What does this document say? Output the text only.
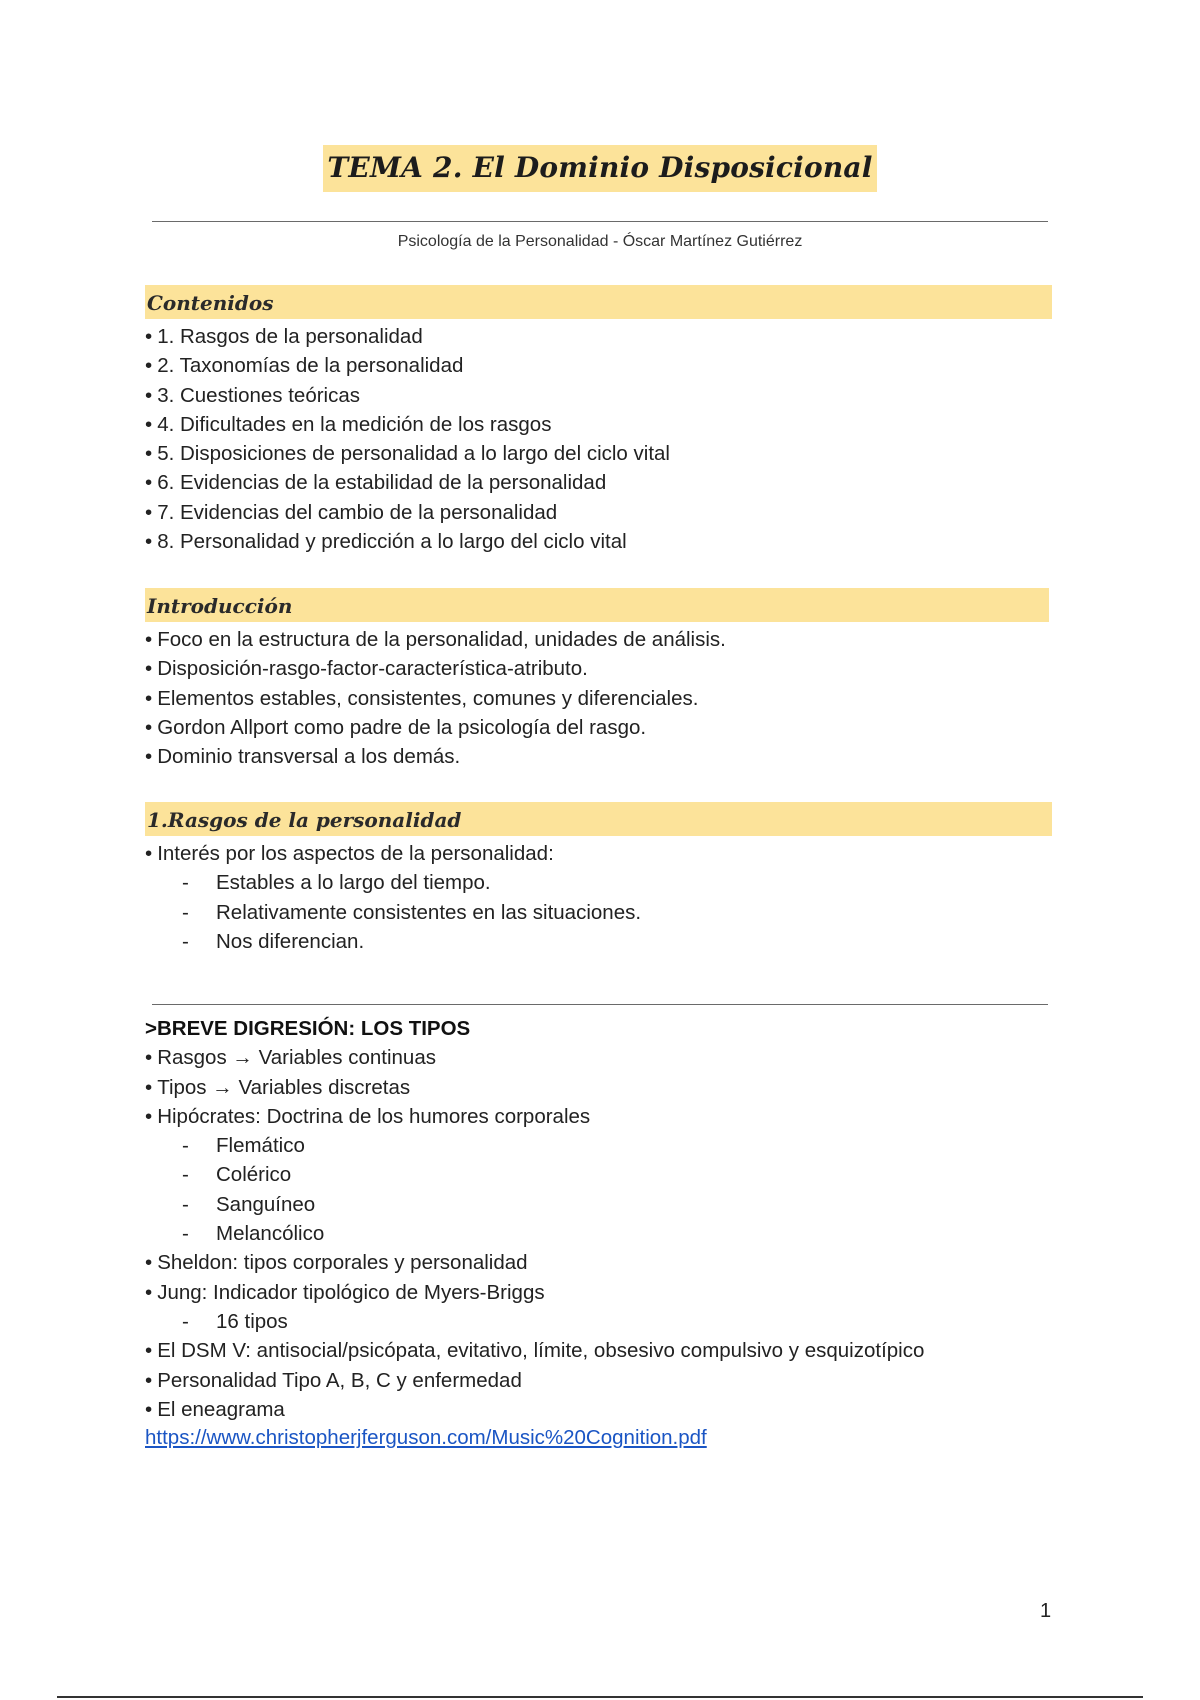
TEMA 2. El Dominio Disposicional
Psicología de la Personalidad - Óscar Martínez Gutiérrez
Contenidos
• 1. Rasgos de la personalidad
• 2. Taxonomías de la personalidad
• 3. Cuestiones teóricas
• 4. Dificultades en la medición de los rasgos
• 5. Disposiciones de personalidad a lo largo del ciclo vital
• 6. Evidencias de la estabilidad de la personalidad
• 7. Evidencias del cambio de la personalidad
• 8. Personalidad y predicción a lo largo del ciclo vital
Introducción
• Foco en la estructura de la personalidad, unidades de análisis.
• Disposición-rasgo-factor-característica-atributo.
• Elementos estables, consistentes, comunes y diferenciales.
• Gordon Allport como padre de la psicología del rasgo.
• Dominio transversal a los demás.
1.Rasgos de la personalidad
• Interés por los aspectos de la personalidad:
- Estables a lo largo del tiempo.
- Relativamente consistentes en las situaciones.
- Nos diferencian.
>BREVE DIGRESIÓN: LOS TIPOS
• Rasgos → Variables continuas
• Tipos → Variables discretas
• Hipócrates: Doctrina de los humores corporales
- Flemático
- Colérico
- Sanguíneo
- Melancólico
• Sheldon: tipos corporales y personalidad
• Jung: Indicador tipológico de Myers-Briggs
- 16 tipos
• El DSM V: antisocial/psicópata, evitativo, límite, obsesivo compulsivo y esquizotípico
• Personalidad Tipo A, B, C y enfermedad
• El eneagrama
https://www.christopherjferguson.com/Music%20Cognition.pdf
1
